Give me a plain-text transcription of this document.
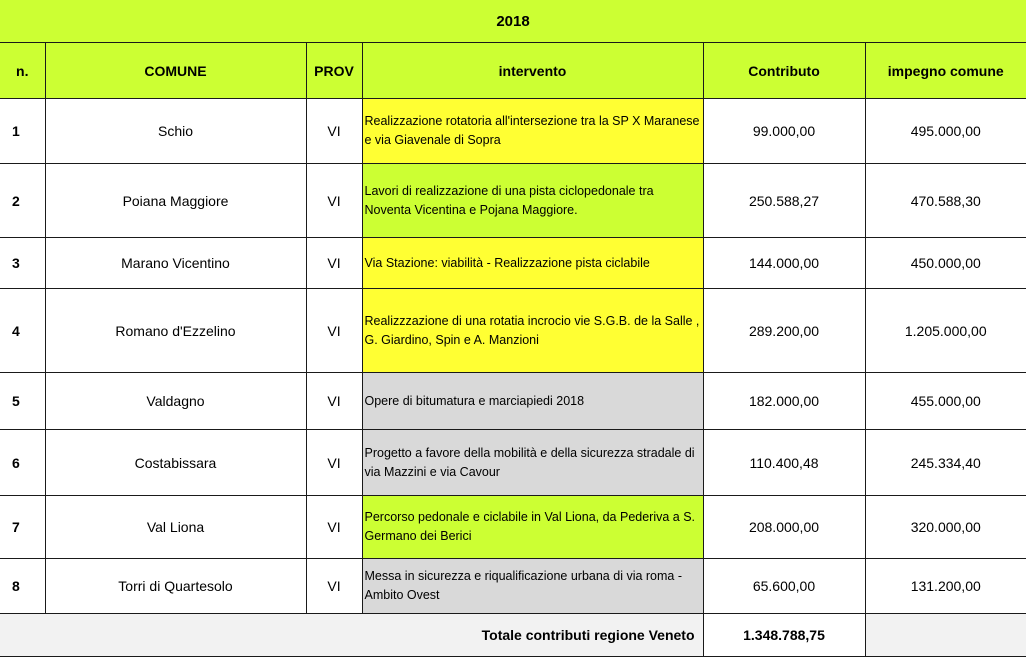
2018					
n.	COMUNE	PROV	intervento	Contributo	impegno comune
1	Schio	VI	Realizzazione rotatoria all'intersezione tra la SP X Maranese e via Giavenale di Sopra	99.000,00	495.000,00
2	Poiana Maggiore	VI	Lavori di realizzazione di una pista ciclopedonale tra Noventa Vicentina e Pojana Maggiore.	250.588,27	470.588,30
3	Marano Vicentino	VI	Via Stazione: viabilità - Realizzazione pista ciclabile	144.000,00	450.000,00
4	Romano d'Ezzelino	VI	Realizzzazione di una rotatia incrocio vie S.G.B. de la Salle , G. Giardino, Spin e A. Manzioni	289.200,00	1.205.000,00
5	Valdagno	VI	Opere di bitumatura e marciapiedi 2018	182.000,00	455.000,00
6	Costabissara	VI	Progetto a favore della mobilità e della sicurezza stradale di via Mazzini e via Cavour	110.400,48	245.334,40
7	Val Liona	VI	Percorso pedonale e ciclabile in Val Liona, da Pederiva a S. Germano dei Berici	208.000,00	320.000,00
8	Torri di Quartesolo	VI	Messa in sicurezza e riqualificazione urbana di via roma - Ambito Ovest	65.600,00	131.200,00
Totale contributi regione Veneto				1.348.788,75	
